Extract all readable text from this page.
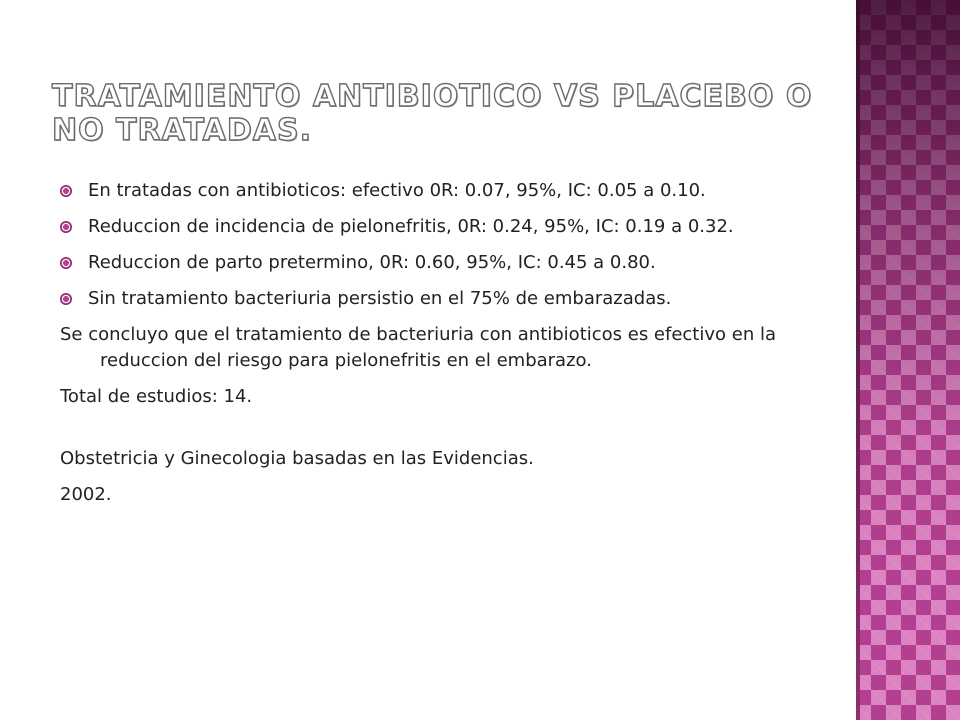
TRATAMIENTO ANTIBIOTICO VS PLACEBO O NO TRATADAS.
En tratadas con antibioticos: efectivo 0R: 0.07, 95%, IC: 0.05 a 0.10.
Reduccion de incidencia de pielonefritis, 0R: 0.24, 95%, IC: 0.19 a 0.32.
Reduccion de parto pretermino, 0R: 0.60, 95%, IC: 0.45 a 0.80.
Sin tratamiento bacteriuria persistio en el 75% de embarazadas.

Se concluyo que el tratamiento de bacteriuria con antibioticos es efectivo en la reduccion del riesgo para pielonefritis en el embarazo.

Total de estudios: 14.

Obstetricia y Ginecologia basadas en las Evidencias.

2002.
